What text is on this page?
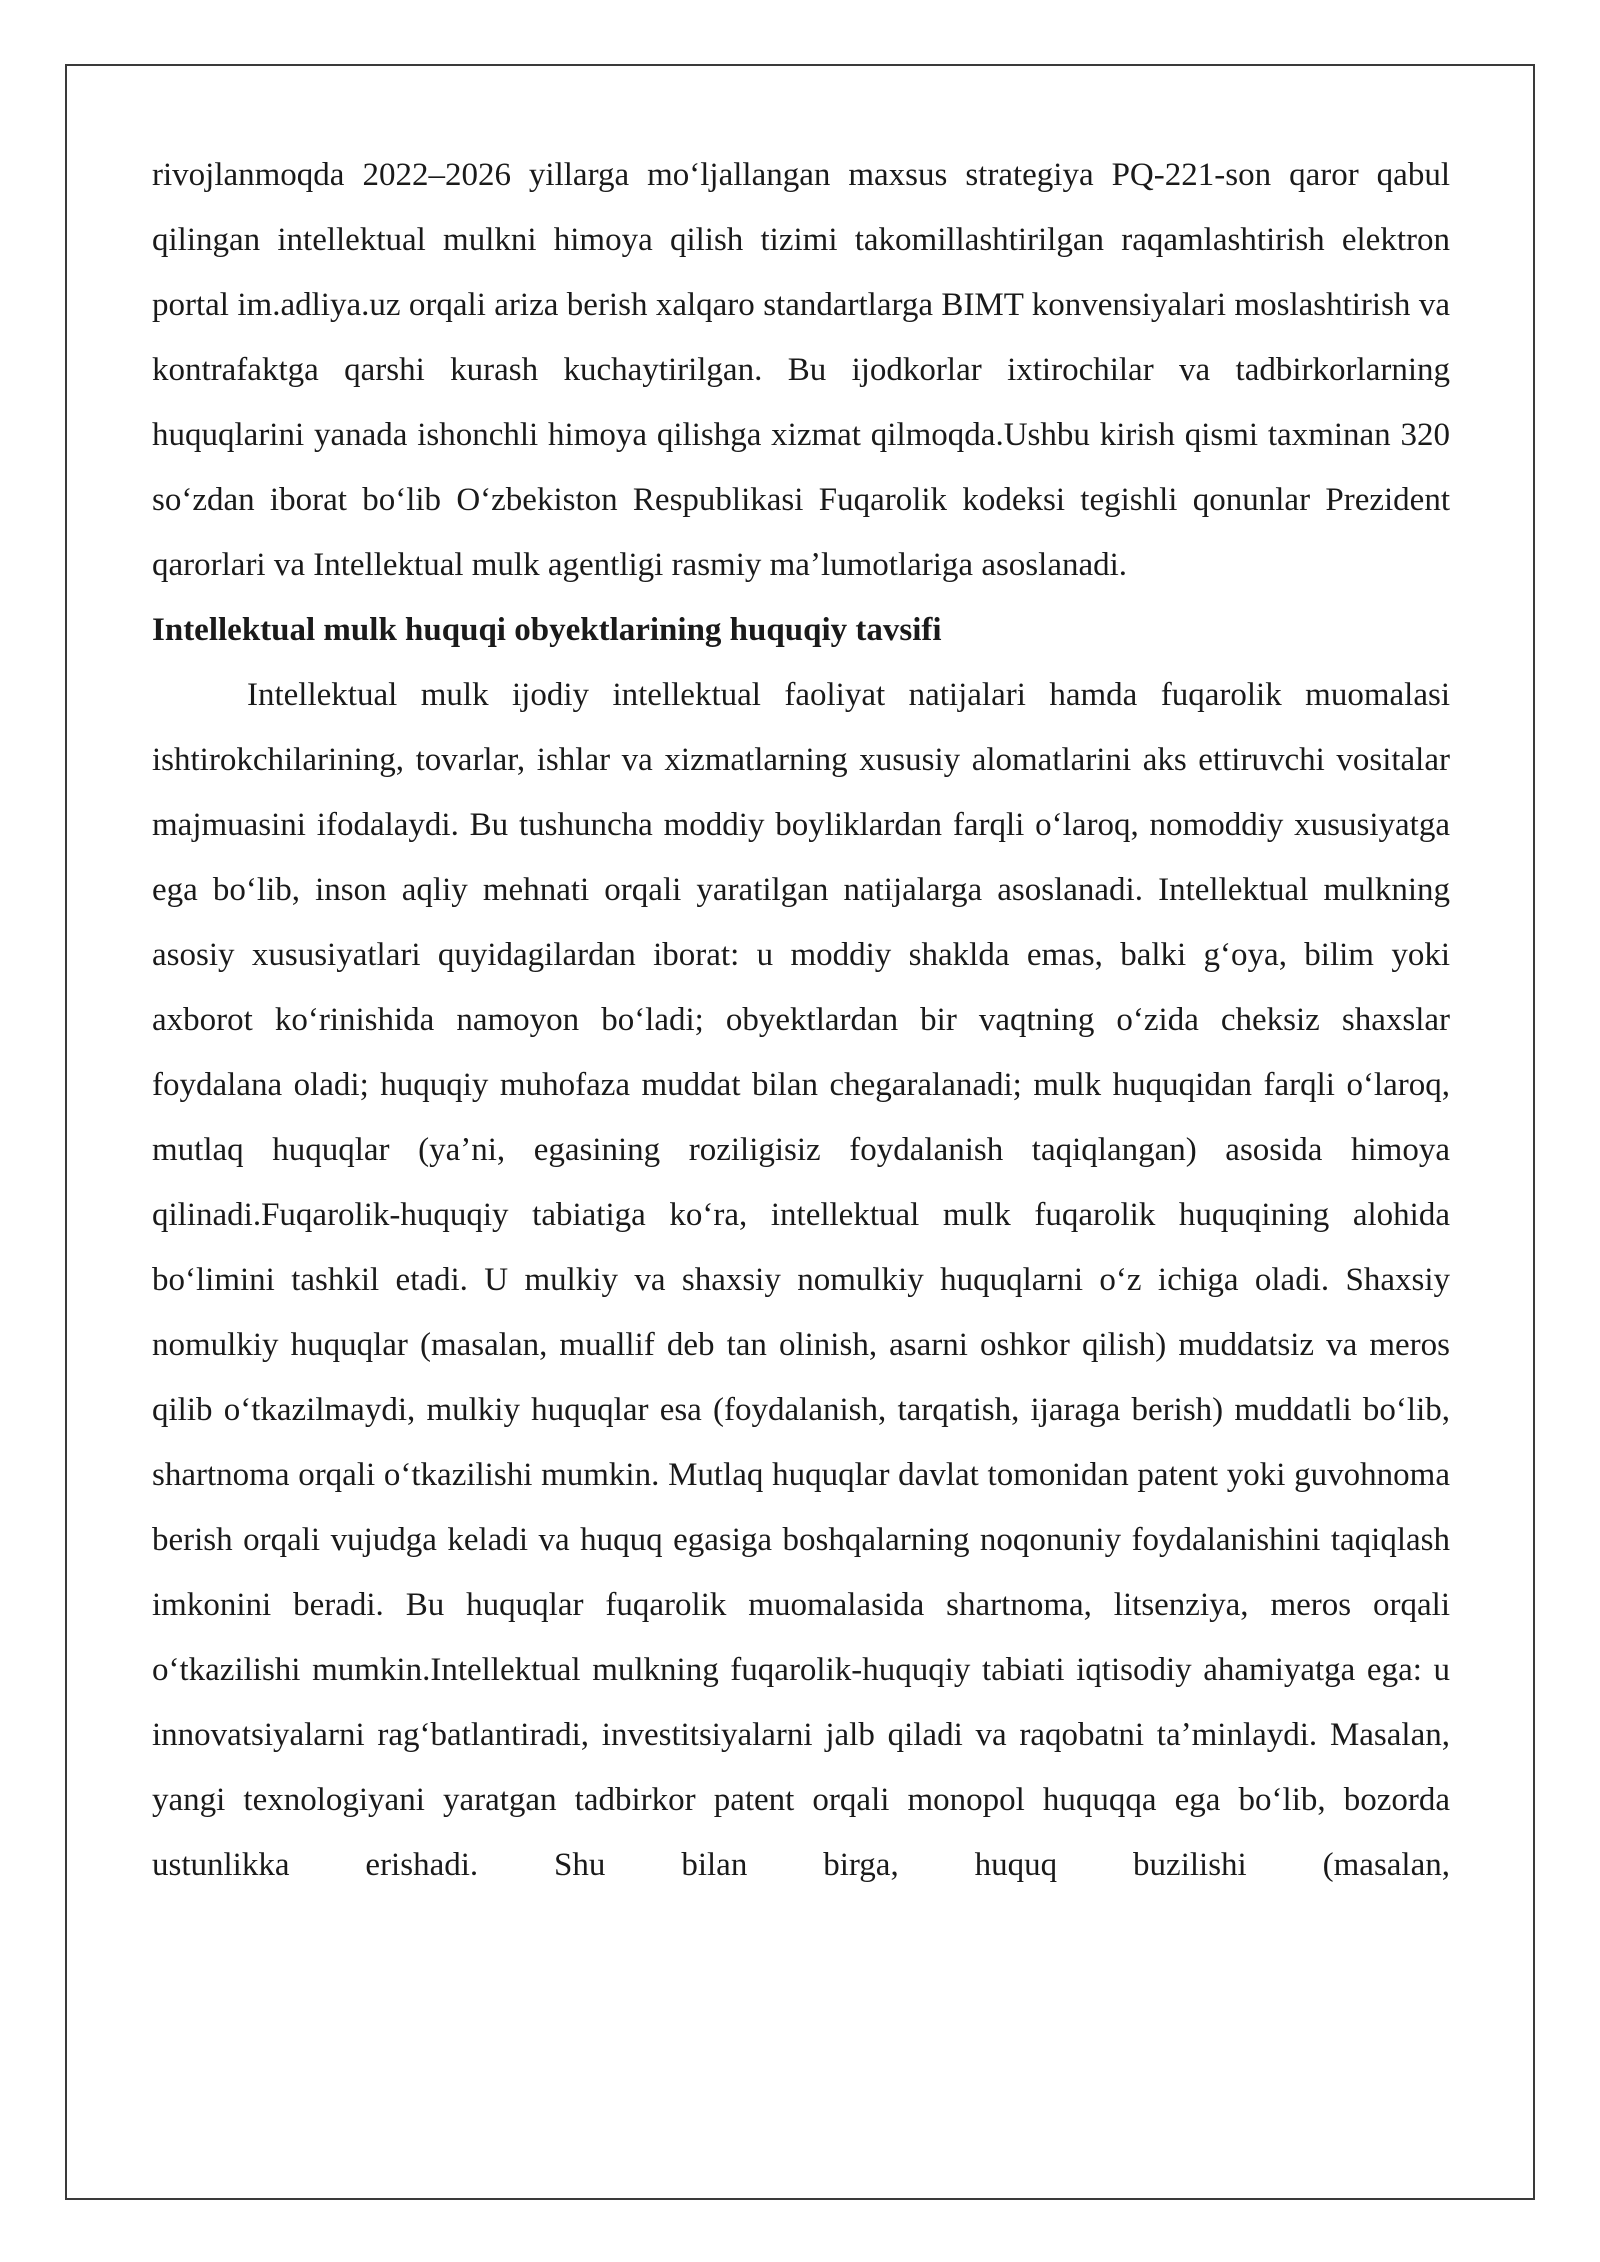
rivojlanmoqda 2022–2026 yillarga moʻljallangan maxsus strategiya PQ-221-son qaror qabul qilingan intellektual mulkni himoya qilish tizimi takomillashtirilgan raqamlashtirish elektron portal im.adliya.uz orqali ariza berish xalqaro standartlarga BIMT konvensiyalari moslashtirish va kontrafaktga qarshi kurash kuchaytirilgan. Bu ijodkorlar ixtirochilar va tadbirkorlarning huquqlarini yanada ishonchli himoya qilishga xizmat qilmoqda.Ushbu kirish qismi taxminan 320 soʻzdan iborat boʻlib Oʻzbekiston Respublikasi Fuqarolik kodeksi tegishli qonunlar Prezident qarorlari va Intellektual mulk agentligi rasmiy maʼlumotlariga asoslanadi.

Intellektual mulk huquqi obyektlarining huquqiy tavsifi

Intellektual mulk ijodiy intellektual faoliyat natijalari hamda fuqarolik muomalasi ishtirokchilarining, tovarlar, ishlar va xizmatlarning xususiy alomatlarini aks ettiruvchi vositalar majmuasini ifodalaydi. Bu tushuncha moddiy boyliklardan farqli oʻlaroq, nomoddiy xususiyatga ega boʻlib, inson aqliy mehnati orqali yaratilgan natijalarga asoslanadi. Intellektual mulkning asosiy xususiyatlari quyidagilardan iborat: u moddiy shaklda emas, balki gʻoya, bilim yoki axborot koʻrinishida namoyon boʻladi; obyektlardan bir vaqtning oʻzida cheksiz shaxslar foydalana oladi; huquqiy muhofaza muddat bilan chegaralanadi; mulk huquqidan farqli oʻlaroq, mutlaq huquqlar (yaʼni, egasining roziligisiz foydalanish taqiqlangan) asosida himoya qilinadi.Fuqarolik-huquqiy tabiatiga koʻra, intellektual mulk fuqarolik huquqining alohida boʻlimini tashkil etadi. U mulkiy va shaxsiy nomulkiy huquqlarni oʻz ichiga oladi. Shaxsiy nomulkiy huquqlar (masalan, muallif deb tan olinish, asarni oshkor qilish) muddatsiz va meros qilib oʻtkazilmaydi, mulkiy huquqlar esa (foydalanish, tarqatish, ijaraga berish) muddatli boʻlib, shartnoma orqali oʻtkazilishi mumkin. Mutlaq huquqlar davlat tomonidan patent yoki guvohnoma berish orqali vujudga keladi va huquq egasiga boshqalarning noqonuniy foydalanishini taqiqlash imkonini beradi. Bu huquqlar fuqarolik muomalasida shartnoma, litsenziya, meros orqali oʻtkazilishi mumkin.Intellektual mulkning fuqarolik-huquqiy tabiati iqtisodiy ahamiyatga ega: u innovatsiyalarni ragʻbatlantiradi, investitsiyalarni jalb qiladi va raqobatni taʼminlaydi. Masalan, yangi texnologiyani yaratgan tadbirkor patent orqali monopol huquqqa ega boʻlib, bozorda ustunlikka erishadi. Shu bilan birga, huquq buzilishi (masalan,
